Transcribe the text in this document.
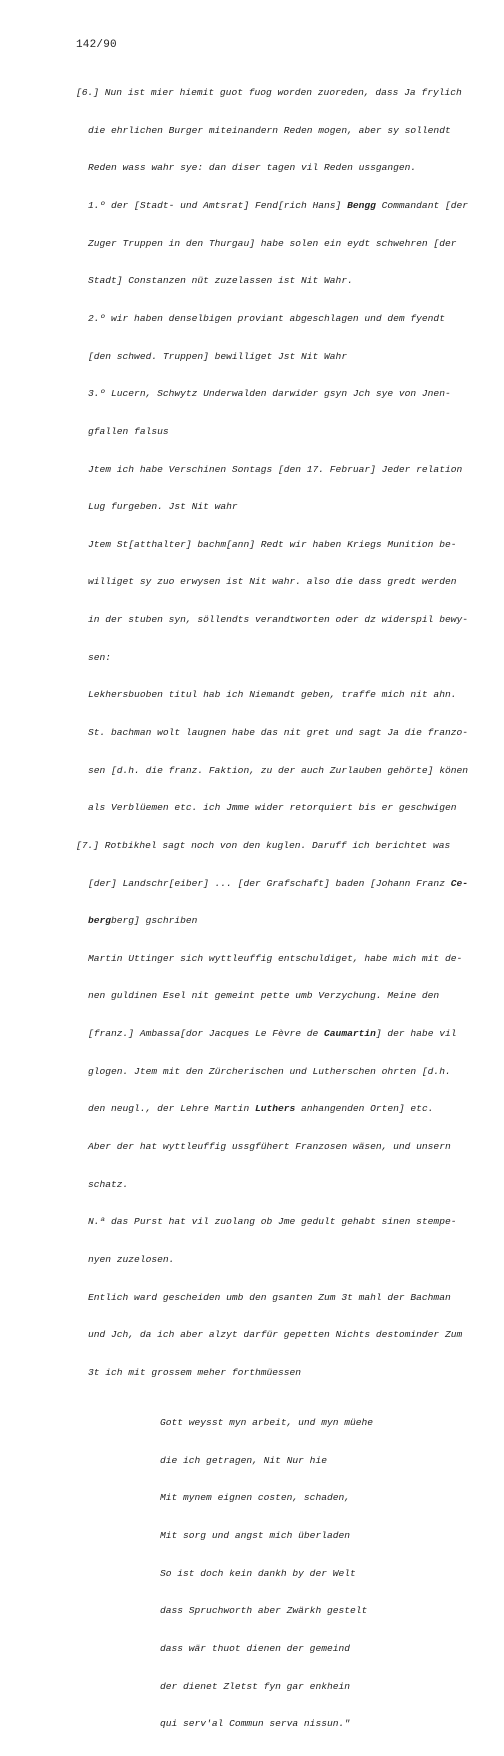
142/90

[6.] Nun ist mier hiemit guot fuog worden zuoreden, dass Ja frylich

die ehrlichen Burger miteinandern Reden mogen, aber sy sollendt

Reden wass wahr sye: dan diser tagen vil Reden ussgangen.

1.º der [Stadt- und Amtsrat] Fend[rich Hans] Bengg Commandant [der

Zuger Truppen in den Thurgau] habe solen ein eydt schwehren [der

Stadt] Constanzen nüt zuzelassen ist Nit Wahr.

2.º wir haben denselbigen proviant abgeschlagen und dem fyendt

[den schwed. Truppen] bewilliget Jst Nit Wahr

3.º Lucern, Schwytz Underwalden darwider gsyn Jch sye von Jnen-

gfallen falsus

Jtem ich habe Verschinen Sontags [den 17. Februar] Jeder relation

Lug furgeben. Jst Nit wahr

Jtem St[atthalter] bachm[ann] Redt wir haben Kriegs Munition be-

williget sy zuo erwysen ist Nit wahr. also die dass gredt werden

in der stuben syn, söllendts verandtworten oder dz widerspil bewy-

sen:

Lekhersbuoben titul hab ich Niemandt geben, traffe mich nit ahn.

St. bachman wolt laugnen habe das nit gret und sagt Ja die franzo-

sen [d.h. die franz. Faktion, zu der auch Zurlauben gehörte] könen

als Verblüemen etc. ich Jmme wider retorquiert bis er geschwigen

[7.] Rotbikhel sagt noch von den kuglen. Daruff ich berichtet was

[der] Landschr[eiber] ... [der Grafschaft] baden [Johann Franz Ce-

bergberg] gschriben

Martin Uttinger sich wyttleuffig entschuldiget, habe mich mit de-

nen guldinen Esel nit gemeint pette umb Verzychung. Meine den

[franz.] Ambassa[dor Jacques Le Fèvre de Caumartin] der habe vil

glogen. Jtem mit den Zürcherischen und Lutherschen ohrten [d.h.

den neugl., der Lehre Martin Luthers anhangenden Orten] etc.

Aber der hat wyttleuffig ussgfühert Franzosen wäsen, und unsern

schatz.

N.ª das Purst hat vil zuolang ob Jme gedult gehabt sinen stempe-

nyen zuzelosen.

Entlich ward gescheiden umb den gsanten Zum 3t mahl der Bachman

und Jch, da ich aber alzyt darfür gepetten Nichts destominder Zum

3t ich mit grossem meher forthmüessen

Gott weysst myn arbeit, und myn müehe

die ich getragen, Nit Nur hie

Mit mynem eignen costen, schaden,

Mit sorg und angst mich überladen

So ist doch kein dankh by der Welt

dass Spruchworth aber Zwärkh gestelt

dass wär thuot dienen der gemeind

der dienet Zletst fyn gar enkhein

qui serv'al Commun serva nissun."
